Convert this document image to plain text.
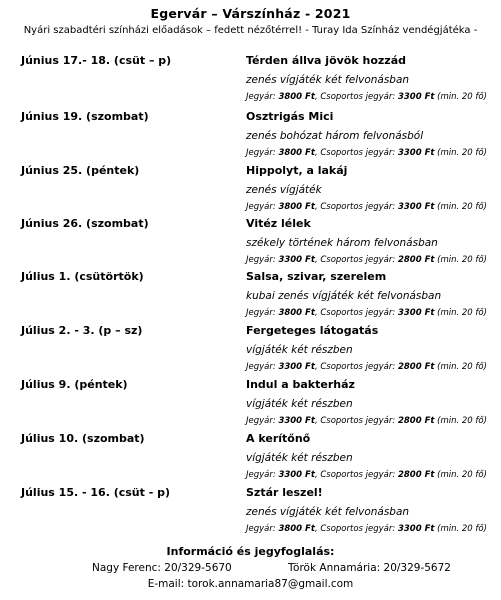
Egervár – Várszínház - 2021
Nyári szabadtéri színházi előadások – fedett nézőtérrel! - Turay Ida Színház vendégjátéka -
Június 17.- 18. (csüt – p)	Térden állva jövök hozzád
zenés vígjáték két felvonásban
Jegyár: 3800 Ft, Csoportos jegyár: 3300 Ft (min. 20 fő)
Június 19. (szombat)	Osztrigás Mici
zenés bohózat három felvonásból
Jegyár: 3800 Ft, Csoportos jegyár: 3300 Ft (min. 20 fő)
Június 25. (péntek)	Hippolyt, a lakáj
zenés vígjáték
Jegyár: 3800 Ft, Csoportos jegyár: 3300 Ft (min. 20 fő)
Június 26. (szombat)	Vitéz lélek
székely történek három felvonásban
Jegyár: 3300 Ft, Csoportos jegyár: 2800 Ft (min. 20 fő)
Július 1. (csütörtök)	Salsa, szivar, szerelem
kubai zenés vígjáték két felvonásban
Jegyár: 3800 Ft, Csoportos jegyár: 3300 Ft (min. 20 fő)
Július 2. - 3. (p – sz)	Fergeteges látogatás
vígjáték két részben
Jegyár: 3300 Ft, Csoportos jegyár: 2800 Ft (min. 20 fő)
Július 9. (péntek)	Indul a bakterház
vígjáték két részben
Jegyár: 3300 Ft, Csoportos jegyár: 2800 Ft (min. 20 fő)
Július 10. (szombat)	A kerítőnő
vígjáték két részben
Jegyár: 3300 Ft, Csoportos jegyár: 2800 Ft (min. 20 fő)
Július 15. - 16. (csüt - p)	Sztár leszel!
zenés vígjáték két felvonásban
Jegyár: 3800 Ft, Csoportos jegyár: 3300 Ft (min. 20 fő)
Információ és jegyfoglalás:
Nagy Ferenc: 20/329-5670	Török Annamária: 20/329-5672
E-mail: torok.annamaria87@gmail.com
